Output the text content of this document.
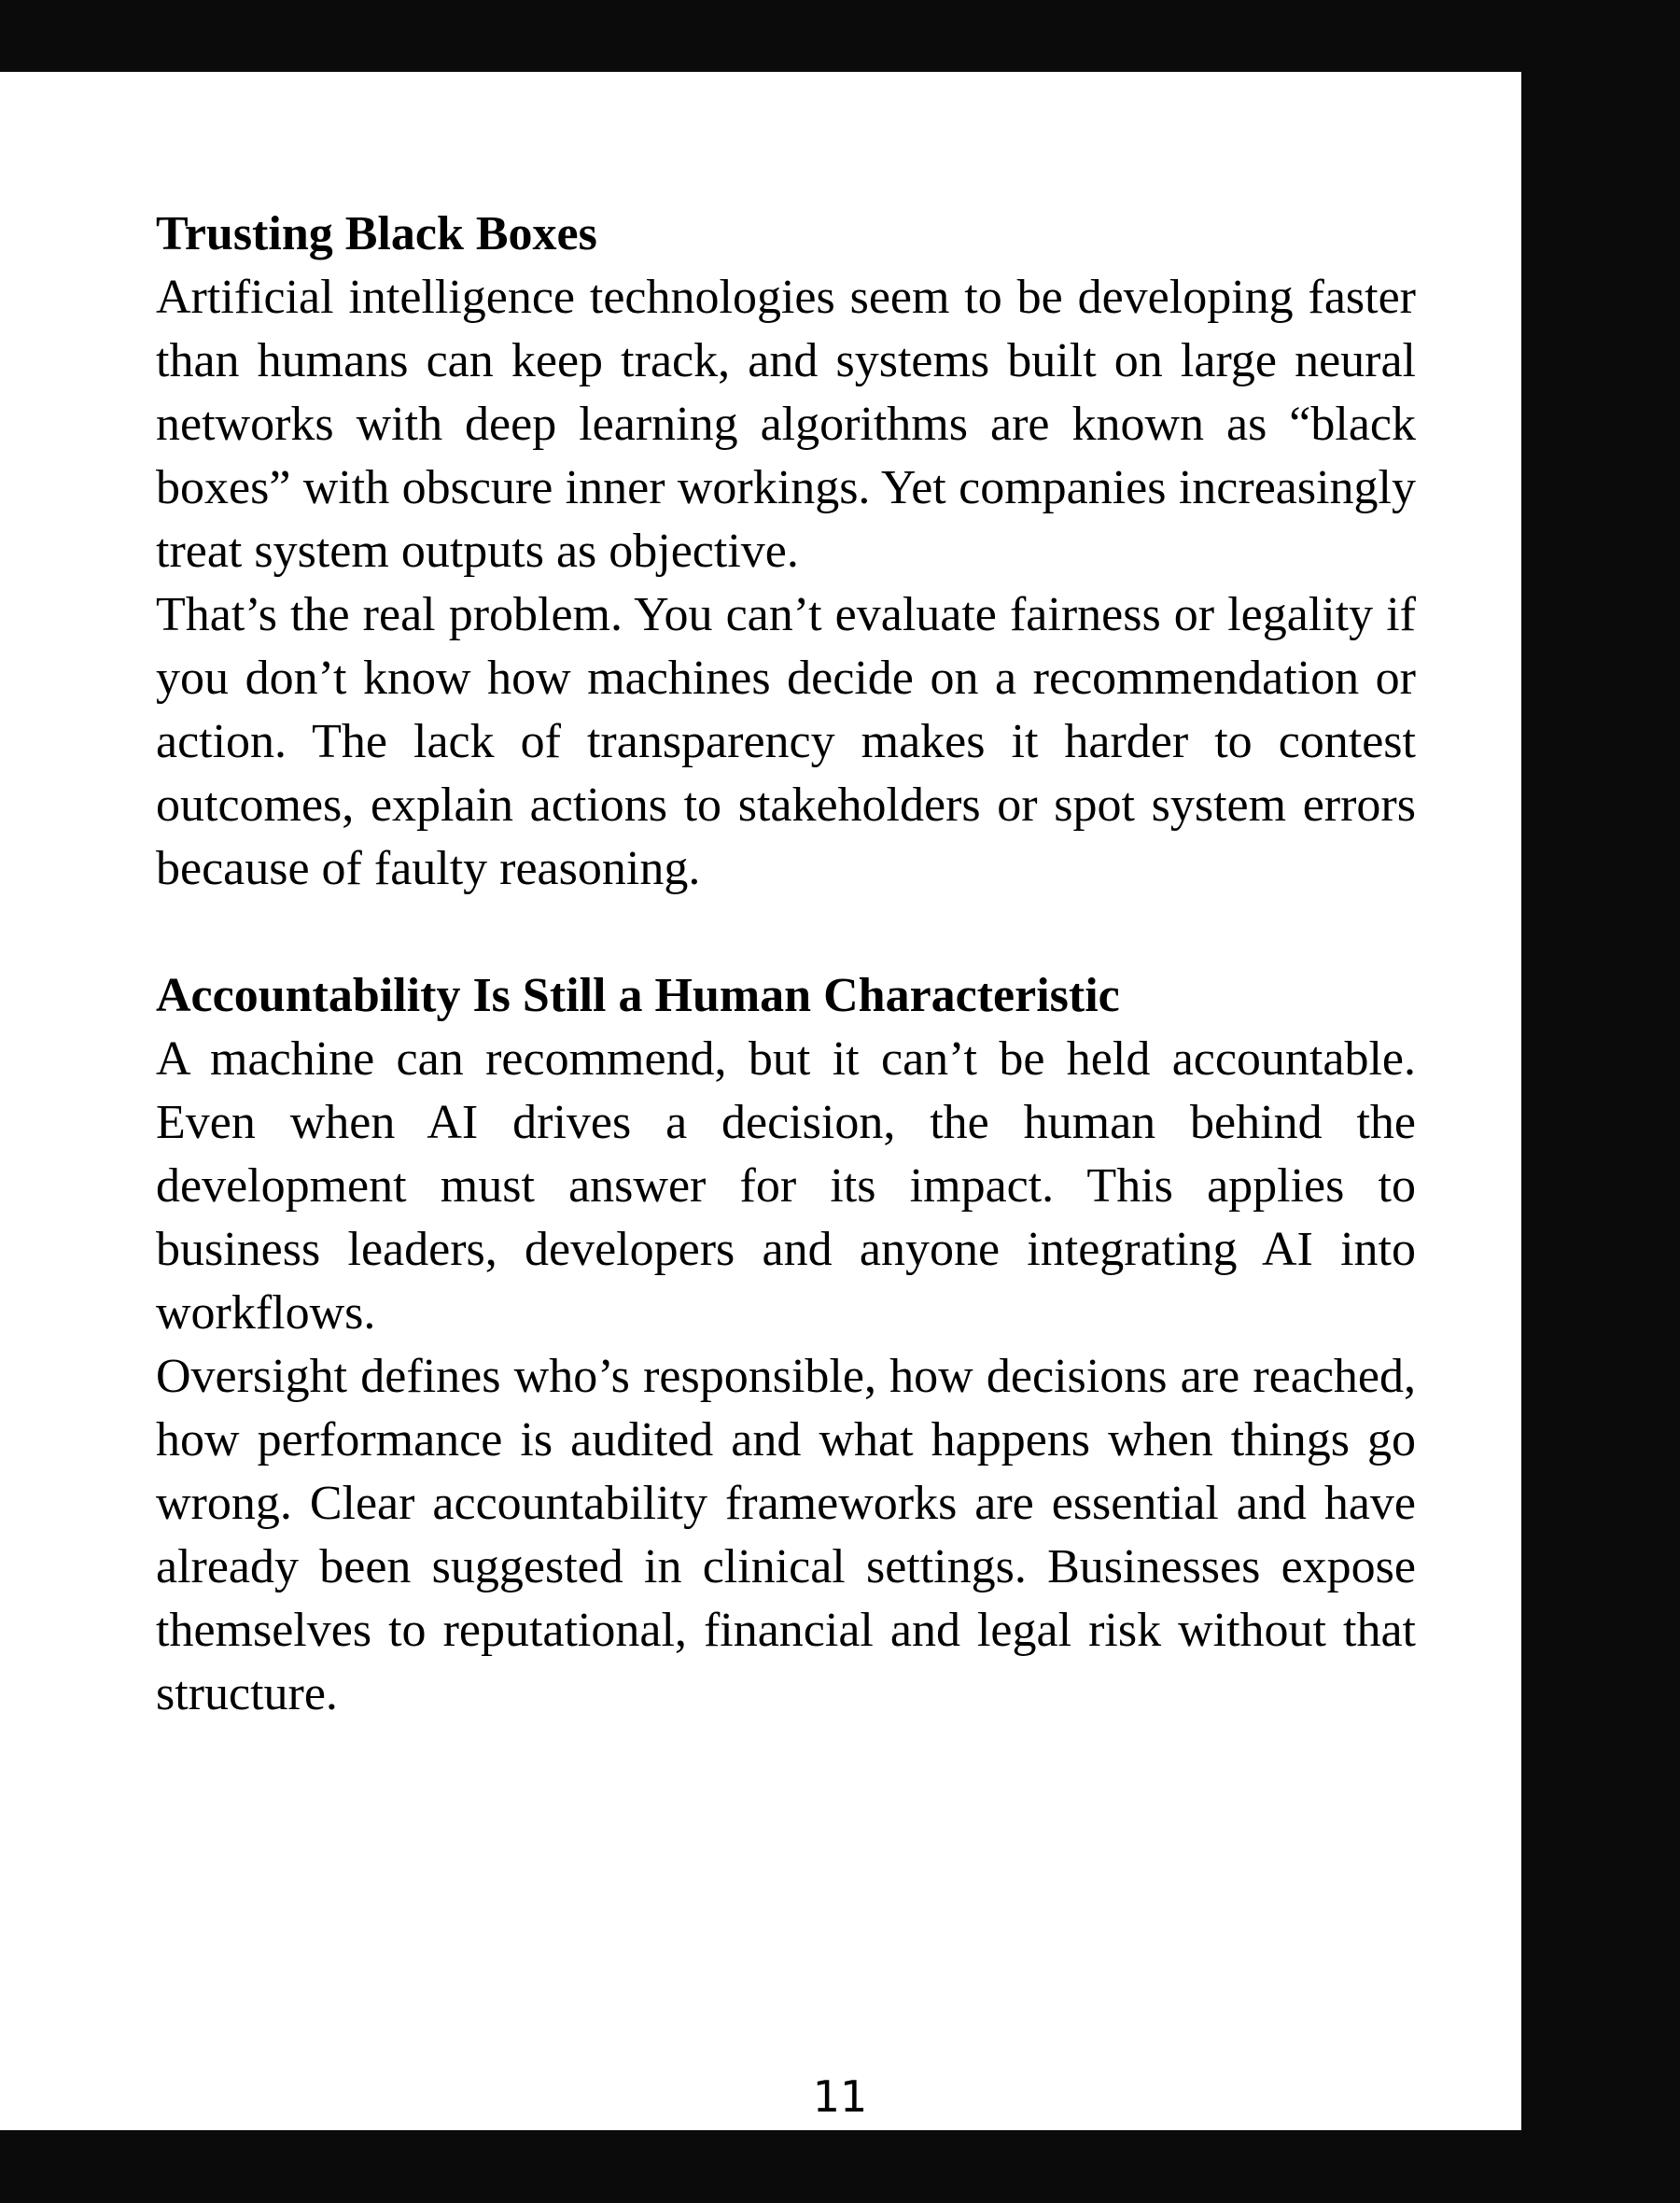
Trusting Black Boxes

Artificial intelligence technologies seem to be developing faster than humans can keep track, and systems built on large neural networks with deep learning algorithms are known as “black boxes” with obscure inner workings. Yet companies increasingly treat system outputs as objective.

That’s the real problem. You can’t evaluate fairness or legality if you don’t know how machines decide on a recommendation or action. The lack of transparency makes it harder to contest outcomes, explain actions to stakeholders or spot system errors because of faulty reasoning.

Accountability Is Still a Human Characteristic

A machine can recommend, but it can’t be held accountable. Even when AI drives a decision, the human behind the development must answer for its impact. This applies to business leaders, developers and anyone integrating AI into workflows.

Oversight defines who’s responsible, how decisions are reached, how performance is audited and what happens when things go wrong. Clear accountability frameworks are essential and have already been suggested in clinical settings. Businesses expose themselves to reputational, financial and legal risk without that structure.

11
